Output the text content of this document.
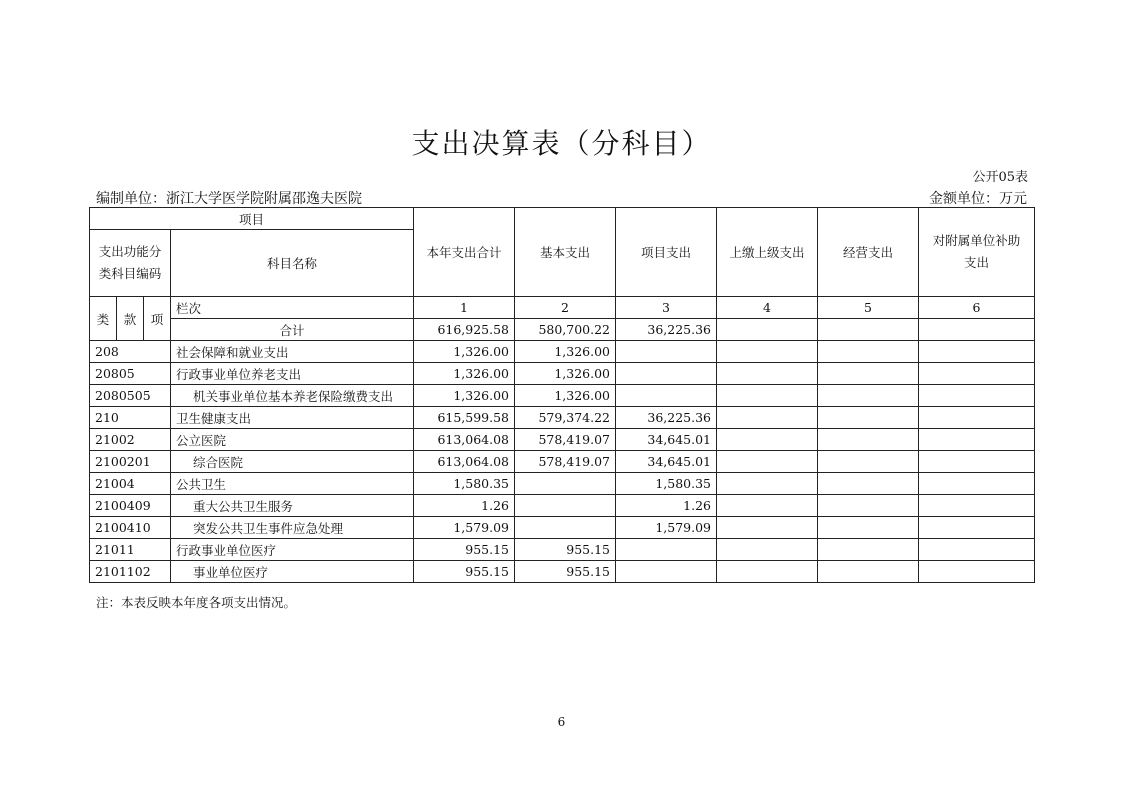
支出决算表（分科目）
公开05表
编制单位：浙江大学医学院附属邵逸夫医院	金额单位：万元
项目				本年支出合计	基本支出	项目支出	上缴上级支出	经营支出	对附属单位补助支出
支出功能分类科目编码			科目名称						
类	款	项	栏次	1	2	3	4	5	6
			合计	616,925.58	580,700.22	36,225.36			
208			社会保障和就业支出	1,326.00	1,326.00				
20805			行政事业单位养老支出	1,326.00	1,326.00				
2080505			机关事业单位基本养老保险缴费支出	1,326.00	1,326.00				
210			卫生健康支出	615,599.58	579,374.22	36,225.36			
21002			公立医院	613,064.08	578,419.07	34,645.01			
2100201			综合医院	613,064.08	578,419.07	34,645.01			
21004			公共卫生	1,580.35		1,580.35			
2100409			重大公共卫生服务	1.26		1.26			
2100410			突发公共卫生事件应急处理	1,579.09		1,579.09			
21011			行政事业单位医疗	955.15	955.15				
2101102			事业单位医疗	955.15	955.15				
注：本表反映本年度各项支出情况。
6
